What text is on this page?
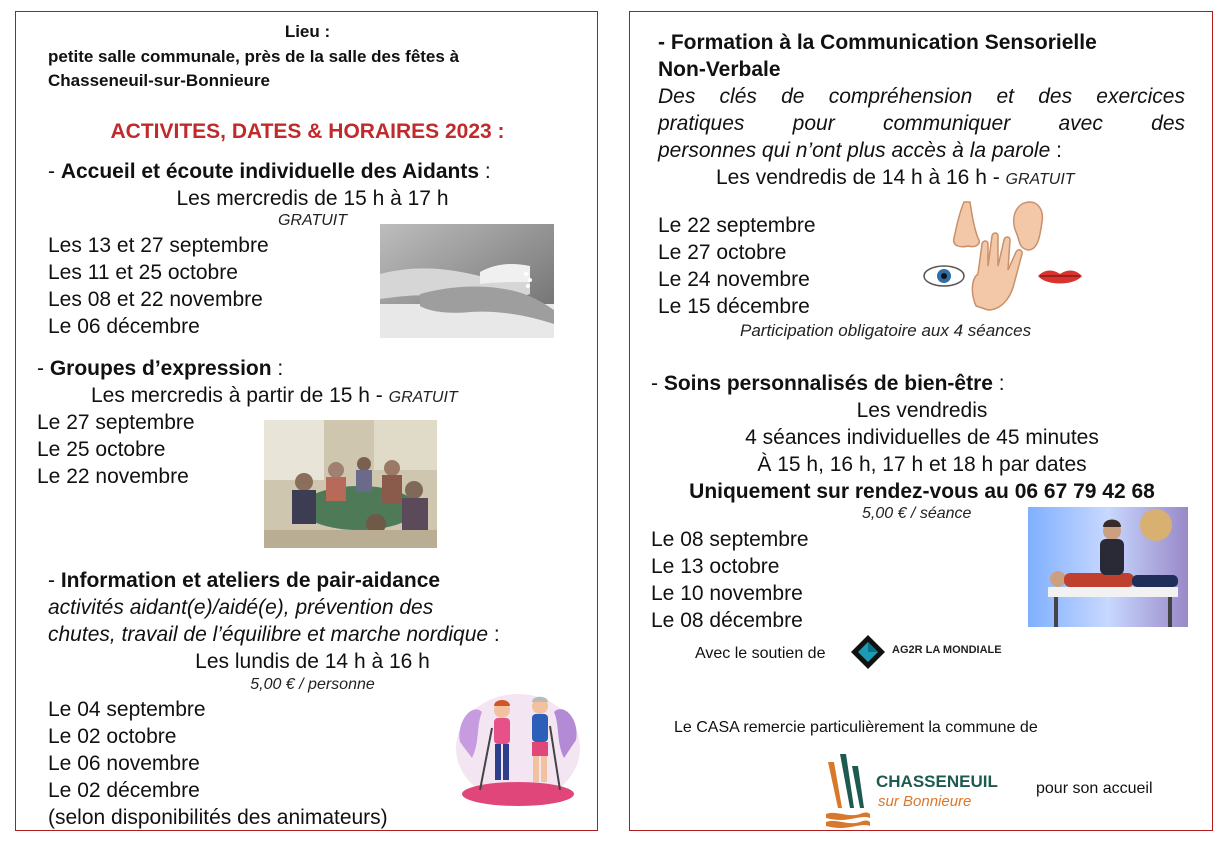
Lieu :
petite salle communale, près de la salle des fêtes à
Chasseneuil-sur-Bonnieure
ACTIVITES, DATES & HORAIRES 2023 :
- Accueil et écoute individuelle des Aidants :
Les mercredis de 15 h à 17 h
GRATUIT
Les 13 et 27 septembre
Les 11 et 25 octobre
Les 08 et 22 novembre
Le 06 décembre
- Groupes d’expression :
Les mercredis à partir de 15 h - GRATUIT
Le 27 septembre
Le 25 octobre
Le 22 novembre
- Information et ateliers de pair-aidance
activités aidant(e)/aidé(e), prévention des
chutes, travail de l’équilibre et marche nordique :
Les lundis de 14 h à 16 h
5,00 € / personne
Le 04 septembre
Le 02 octobre
Le 06 novembre
Le 02 décembre
(selon disponibilités des animateurs)
- Formation à la Communication Sensorielle
Non-Verbale
Des clés de compréhension et des exercices
pratiques pour communiquer avec des
personnes qui n’ont plus accès à la parole :
Les vendredis de 14 h à 16 h - GRATUIT
Le 22 septembre
Le 27 octobre
Le 24 novembre
Le 15 décembre
Participation obligatoire aux 4 séances
- Soins personnalisés de bien-être :
Les vendredis
4 séances individuelles de 45 minutes
À 15 h, 16 h, 17 h et 18 h par dates
Uniquement sur rendez-vous au 06 67 79 42 68
5,00 € / séance
Le 08 septembre
Le 13 octobre
Le 10 novembre
Le 08 décembre
Avec le soutien de	AG2R LA MONDIALE
Le CASA remercie particulièrement la commune de
CHASSENEUIL
sur Bonnieure
pour son accueil
